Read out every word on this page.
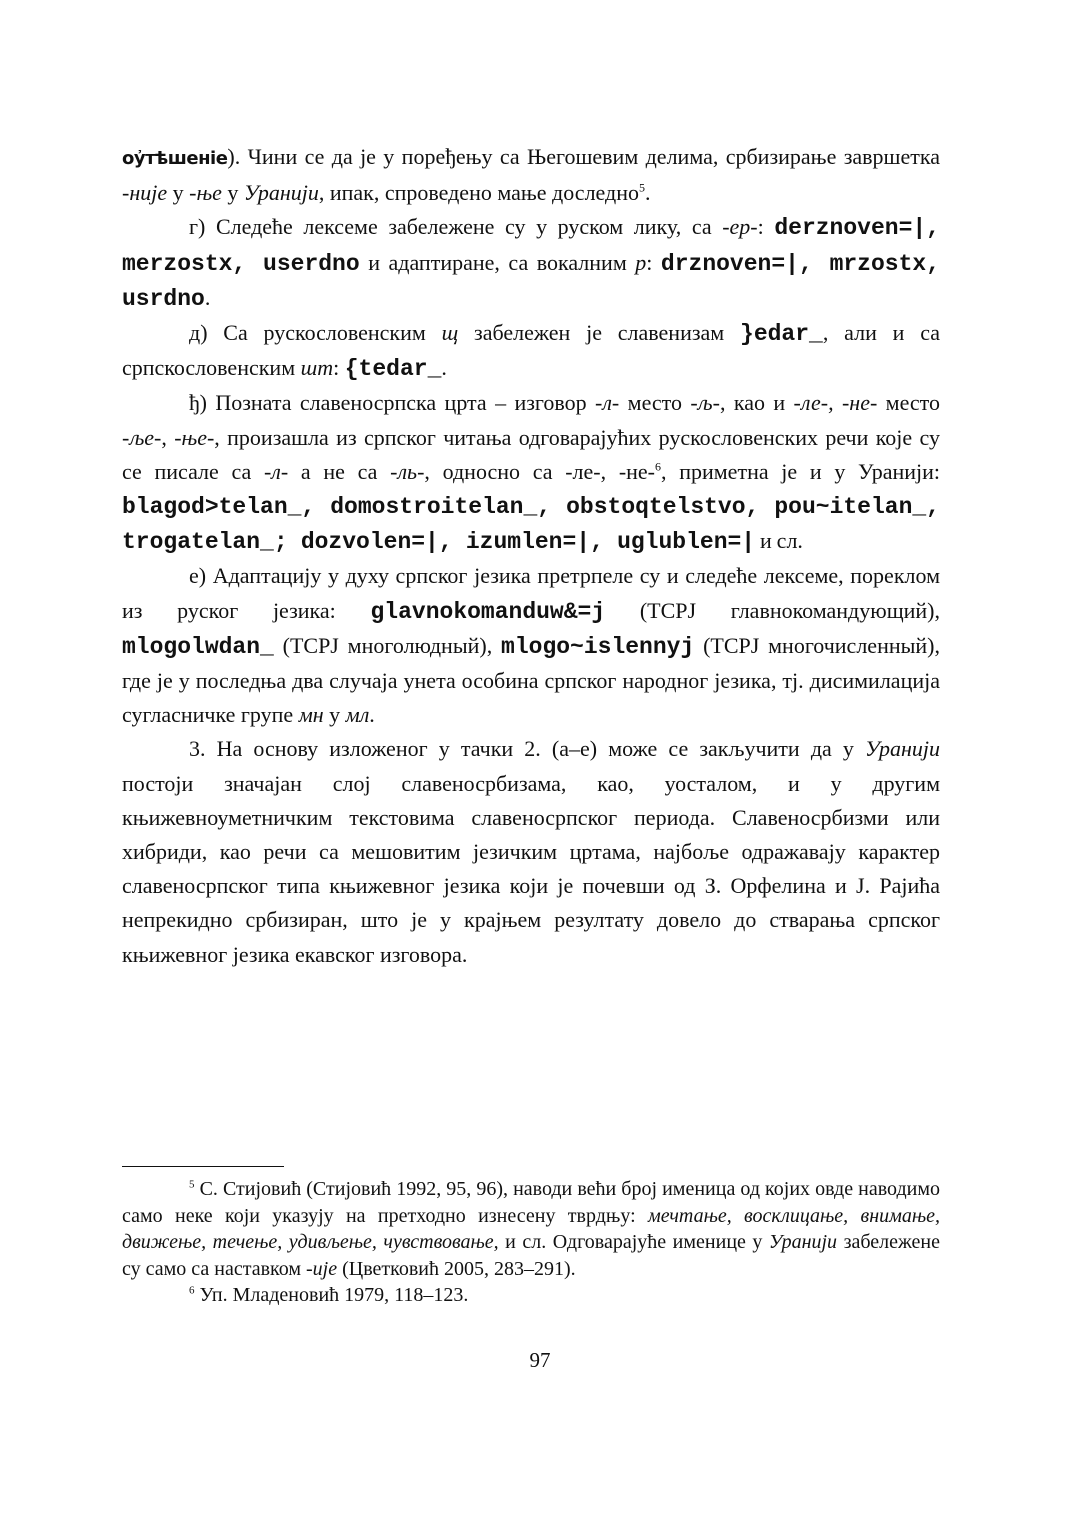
оу҆тѣшеніе). Чини се да је у поређењу са Његошевим делима, србизирање завршетка -није у -ње у Уранији, ипак, спроведено мање доследно$^5$.

г) Следеће лексеме забележене су у руском лику, са -ер-: derznoven=|, merzostx, userdno и адаптиране, са вокалним р: drznoven=|, mrzostx, usrdno.

д) Са рускословенским щ забележен је славенизам }edar_, али и са српскословенским шт: {tedar_.

ђ) Позната славеносрпска црта – изговор -л- место -љ-, као и -ле-, -не- место -ље-, -ње-, произашла из српског читања одговарајућих рускословенских речи које су се писале са -л- а не са -ль-, односно са -ле-, -не-$^6$, приметна је и у Уранији: blagod>telan_, domostroitelan_, obstoqtelstvo, pou~itelan_, trogatelan_; dozvolen=|, izumlen=|, uglublen=| и сл.

е) Адаптацију у духу српског језика претрпеле су и следеће лексеме, пореклом из руског језика: glavnokomanduw&=j (ТСРЈ главнокомандующий), mlogolwdan_ (ТСРЈ многолюдный), mlogo~islennyj (ТСРЈ многочисленный), где је у последња два случаја унета особина српског народног језика, тј. дисимилација сугласничке групе мн у мл.

3. На основу изложеног у тачки 2. (а–е) може се закључити да у Уранији постоји значајан слој славеносрбизама, као, уосталом, и у другим књижевноуметничким текстовима славеносрпског периода. Славеносрбизми или хибриди, као речи са мешовитим језичким цртама, најбоље одражавају карактер славеносрпског типа књижевног језика који је почевши од З. Орфелина и Ј. Рајића непрекидно србизиран, што је у крајњем резултату довело до стварања српског књижевног језика екавског изговора.

$^5$ С. Стијовић (Стијовић 1992, 95, 96), наводи већи број именица од којих овде наводимо само неке који указују на претходно изнесену тврдњу: мечтање, восклицање, внимање, движење, течење, удивљење, чувствовање, и сл. Одговарајуће именице у Уранији забележене су само са наставком -ије (Цветковић 2005, 283–291).

$^6$ Уп. Младеновић 1979, 118–123.

97
